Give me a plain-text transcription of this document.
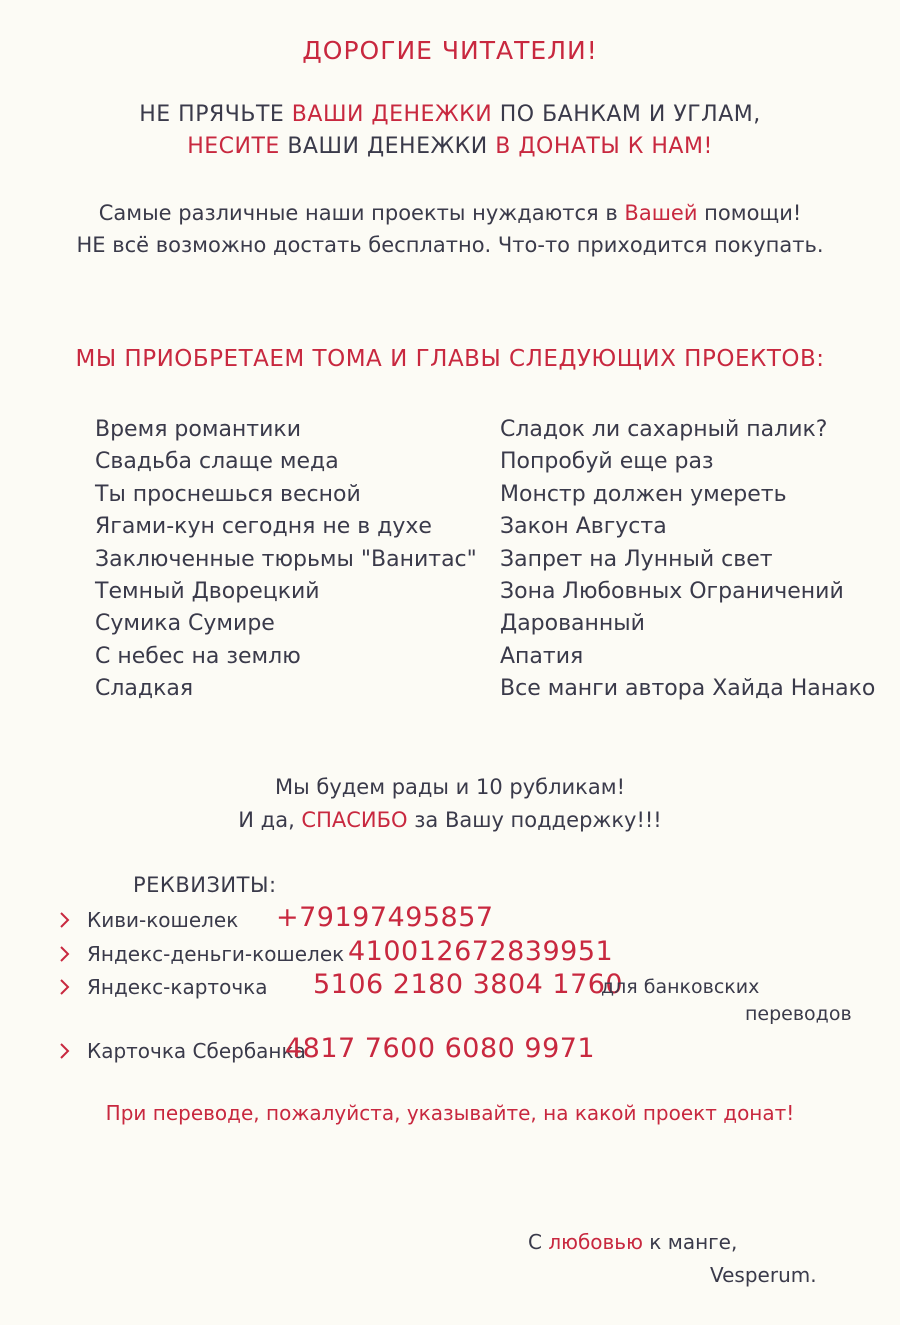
ДОРОГИЕ ЧИТАТЕЛИ!
НЕ ПРЯЧЬТЕ ВАШИ ДЕНЕЖКИ ПО БАНКАМ И УГЛАМ,
НЕСИТЕ ВАШИ ДЕНЕЖКИ В ДОНАТЫ К НАМ!
Самые различные наши проекты нуждаются в Вашей помощи!
НЕ всё возможно достать бесплатно. Что-то приходится покупать.
МЫ ПРИОБРЕТАЕМ ТОМА И ГЛАВЫ СЛЕДУЮЩИХ ПРОЕКТОВ:
Время романтики
Свадьба слаще меда
Ты проснешься весной
Ягами-кун сегодня не в духе
Заключенные тюрьмы "Ванитас"
Темный Дворецкий
Сумика Сумире
С небес на землю
Сладкая
Сладок ли сахарный палик?
Попробуй еще раз
Монстр должен умереть
Закон Августа
Запрет на Лунный свет
Зона Любовных Ограничений
Дарованный
Апатия
Все манги автора Хайда Нанако
Мы будем рады и 10 рубликам!
И да, СПАСИБО за Вашу поддержку!!!
РЕКВИЗИТЫ:
Киви-кошелек +79197495857
Яндекс-деньги-кошелек 410012672839951
Яндекс-карточка 5106 2180 3804 1760
для банковских
переводов
Карточка Сбербанка
4817 7600 6080 9971
При переводе, пожалуйста, указывайте, на какой проект донат!
С любовью к манге,
Vesperum.
